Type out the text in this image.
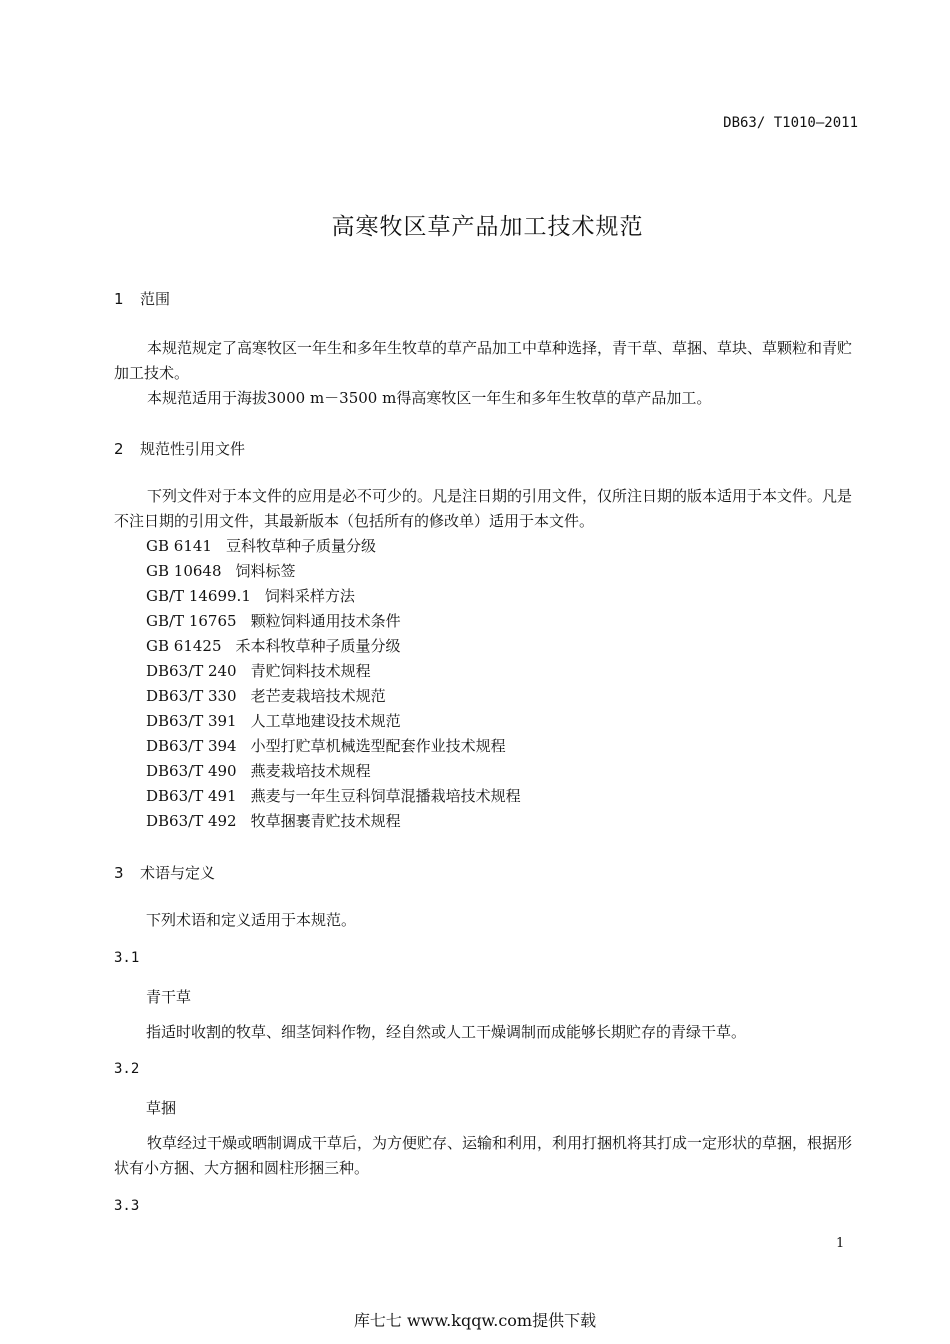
DB63/ T1010—2011
高寒牧区草产品加工技术规范
1 范围
本规范规定了高寒牧区一年生和多年生牧草的草产品加工中草种选择，青干草、草捆、草块、草颗粒和青贮加工技术。
本规范适用于海拔3000 m－3500 m得高寒牧区一年生和多年生牧草的草产品加工。
2 规范性引用文件
下列文件对于本文件的应用是必不可少的。凡是注日期的引用文件，仅所注日期的版本适用于本文件。凡是不注日期的引用文件，其最新版本（包括所有的修改单）适用于本文件。
GB 6141 豆科牧草种子质量分级
GB 10648 饲料标签
GB/T 14699.1 饲料采样方法
GB/T 16765 颗粒饲料通用技术条件
GB 61425 禾本科牧草种子质量分级
DB63/T 240 青贮饲料技术规程
DB63/T 330 老芒麦栽培技术规范
DB63/T 391 人工草地建设技术规范
DB63/T 394 小型打贮草机械选型配套作业技术规程
DB63/T 490 燕麦栽培技术规程
DB63/T 491 燕麦与一年生豆科饲草混播栽培技术规程
DB63/T 492 牧草捆裹青贮技术规程
3 术语与定义
下列术语和定义适用于本规范。
3.1
青干草
指适时收割的牧草、细茎饲料作物，经自然或人工干燥调制而成能够长期贮存的青绿干草。
3.2
草捆
牧草经过干燥或晒制调成干草后，为方便贮存、运输和利用，利用打捆机将其打成一定形状的草捆，根据形状有小方捆、大方捆和圆柱形捆三种。
3.3
1
库七七 www.kqqw.com提供下载
